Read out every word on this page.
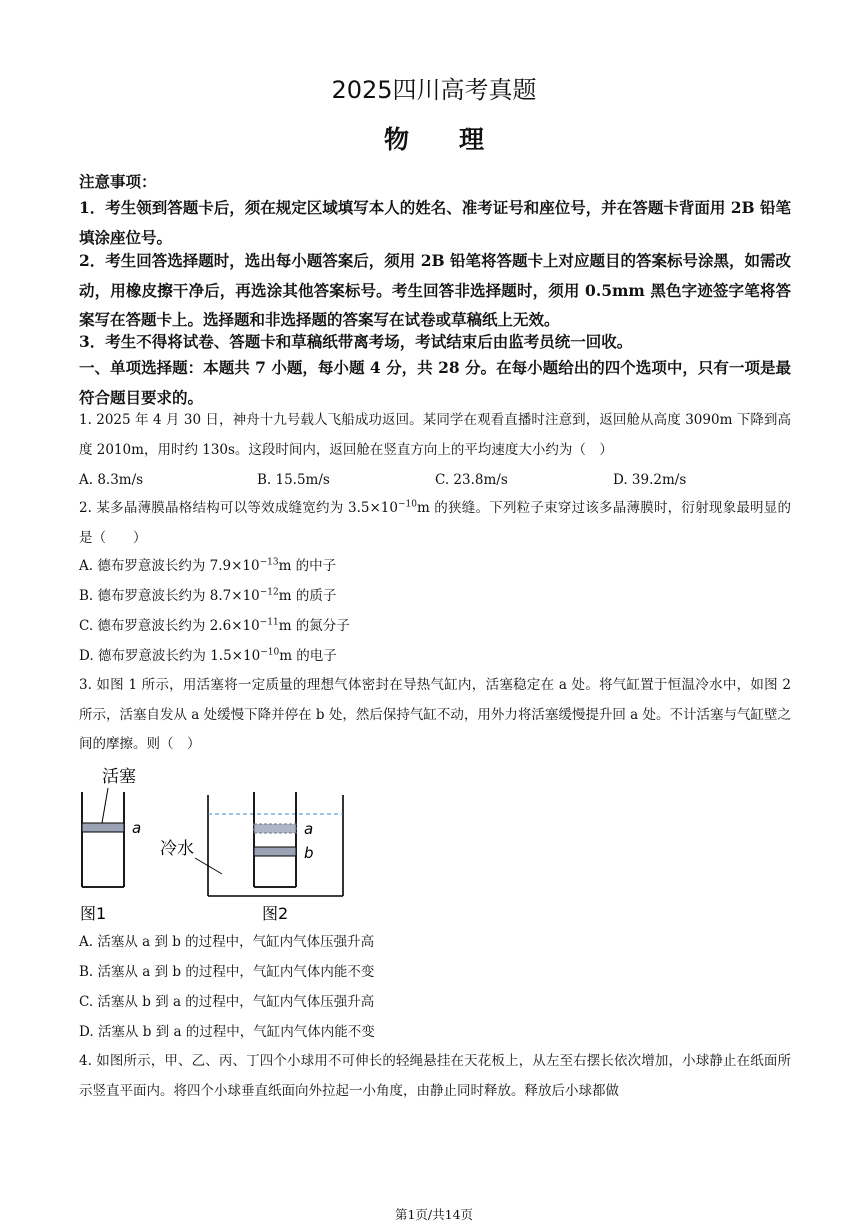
2025四川高考真题
物　　理
注意事项：
1．考生领到答题卡后，须在规定区域填写本人的姓名、准考证号和座位号，并在答题卡背面用 2B 铅笔填涂座位号。
2．考生回答选择题时，选出每小题答案后，须用 2B 铅笔将答题卡上对应题目的答案标号涂黑，如需改动，用橡皮擦干净后，再选涂其他答案标号。考生回答非选择题时，须用 0.5mm 黑色字迹签字笔将答案写在答题卡上。选择题和非选择题的答案写在试卷或草稿纸上无效。
3．考生不得将试卷、答题卡和草稿纸带离考场，考试结束后由监考员统一回收。
一、单项选择题：本题共 7 小题，每小题 4 分，共 28 分。在每小题给出的四个选项中，只有一项是最符合题目要求的。
1. 2025 年 4 月 30 日，神舟十九号载人飞船成功返回。某同学在观看直播时注意到，返回舱从高度 3090m 下降到高度 2010m，用时约 130s。这段时间内，返回舱在竖直方向上的平均速度大小约为（　）
A. 8.3m/s	B. 15.5m/s	C. 23.8m/s	D. 39.2m/s
2. 某多晶薄膜晶格结构可以等效成缝宽约为 $3.5\times 10^{-10}m$ 的狭缝。下列粒子束穿过该多晶薄膜时，衍射现象最明显的是（　　）
A. 德布罗意波长约为 $7.9\times 10^{-13}m$ 的中子
B. 德布罗意波长约为 $8.7\times 10^{-12}m$ 的质子
C. 德布罗意波长约为 $2.6\times 10^{-11}m$ 的氮分子
D. 德布罗意波长约为 $1.5\times 10^{-10}m$ 的电子
3. 如图 1 所示，用活塞将一定质量的理想气体密封在导热气缸内，活塞稳定在 a 处。将气缸置于恒温冷水中，如图 2 所示，活塞自发从 a 处缓慢下降并停在 b 处，然后保持气缸不动，用外力将活塞缓慢提升回 a 处。不计活塞与气缸壁之间的摩擦。则（　）
活塞
a
图1
a
b
冷水
图2
A. 活塞从 a 到 b 的过程中，气缸内气体压强升高
B. 活塞从 a 到 b 的过程中，气缸内气体内能不变
C. 活塞从 b 到 a 的过程中，气缸内气体压强升高
D. 活塞从 b 到 a 的过程中，气缸内气体内能不变
4. 如图所示，甲、乙、丙、丁四个小球用不可伸长的轻绳悬挂在天花板上，从左至右摆长依次增加，小球静止在纸面所示竖直平面内。将四个小球垂直纸面向外拉起一小角度，由静止同时释放。释放后小球都做
第1页/共14页
